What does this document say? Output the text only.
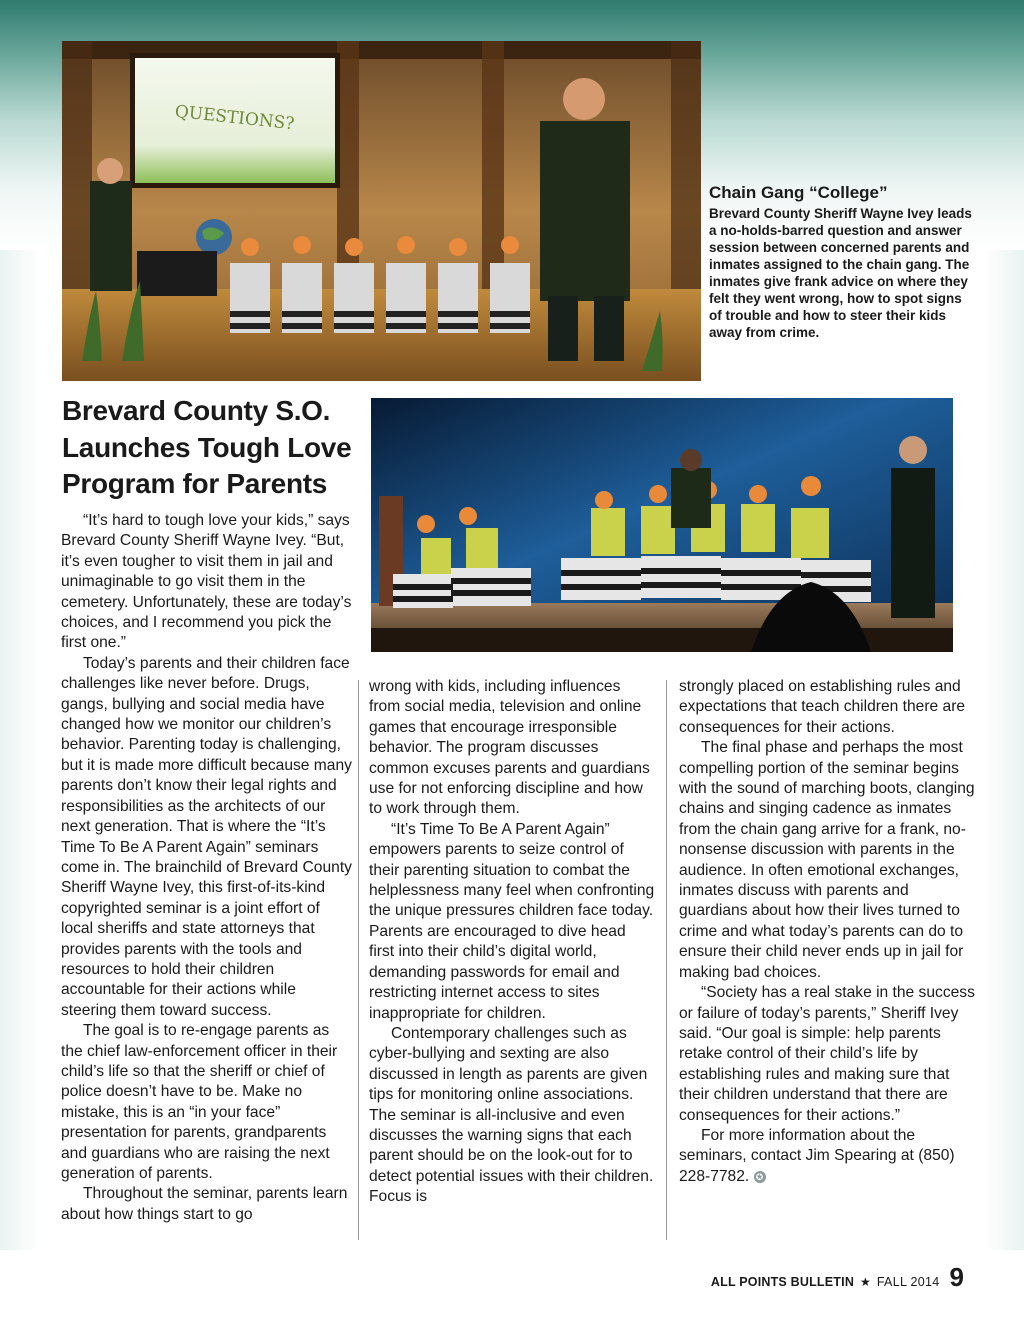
QUESTIONS?

Chain Gang “College”

Brevard County Sheriff Wayne Ivey leads a no-holds-barred question and answer session between concerned parents and inmates assigned to the chain gang. The inmates give frank advice on where they felt they went wrong, how to spot signs of trouble and how to steer their kids away from crime.

Brevard County S.O. Launches Tough Love Program for Parents

“It’s hard to tough love your kids,” says Brevard County Sheriff Wayne Ivey. “But, it’s even tougher to visit them in jail and unimaginable to go visit them in the cemetery. Unfortunately, these are today’s choices, and I recommend you pick the first one.”

Today’s parents and their children face challenges like never before. Drugs, gangs, bullying and social media have changed how we monitor our children’s behavior. Parenting today is challenging, but it is made more difficult because many parents don’t know their legal rights and responsibilities as the architects of our next generation. That is where the “It’s Time To Be A Parent Again” seminars come in. The brainchild of Brevard County Sheriff Wayne Ivey, this first-of-its-kind copyrighted seminar is a joint effort of local sheriffs and state attorneys that provides parents with the tools and resources to hold their children accountable for their actions while steering them toward success.

The goal is to re-engage parents as the chief law-enforcement officer in their child’s life so that the sheriff or chief of police doesn’t have to be. Make no mistake, this is an “in your face” presentation for parents, grandparents and guardians who are raising the next generation of parents.

Throughout the seminar, parents learn about how things start to go

wrong with kids, including influences from social media, television and online games that encourage irresponsible behavior. The program discusses common excuses parents and guardians use for not enforcing discipline and how to work through them.

“It’s Time To Be A Parent Again” empowers parents to seize control of their parenting situation to combat the helplessness many feel when confronting the unique pressures children face today. Parents are encouraged to dive head first into their child’s digital world, demanding passwords for email and restricting internet access to sites inappropriate for children.

Contemporary challenges such as cyber-bullying and sexting are also discussed in length as parents are given tips for monitoring online associations. The seminar is all-inclusive and even discusses the warning signs that each parent should be on the look-out for to detect potential issues with their children. Focus is

strongly placed on establishing rules and expectations that teach children there are consequences for their actions.

The final phase and perhaps the most compelling portion of the seminar begins with the sound of marching boots, clanging chains and singing cadence as inmates from the chain gang arrive for a frank, no-nonsense discussion with parents in the audience. In often emotional exchanges, inmates discuss with parents and guardians about how their lives turned to crime and what today’s parents can do to ensure their child never ends up in jail for making bad choices.

“Society has a real stake in the success or failure of today’s parents,” Sheriff Ivey said. “Our goal is simple: help parents retake control of their child’s life by establishing rules and making sure that their children understand that there are consequences for their actions.”

For more information about the seminars, contact Jim Spearing at (850) 228-7782. ✪

ALL POINTS BULLETIN ★ FALL 2014 9
